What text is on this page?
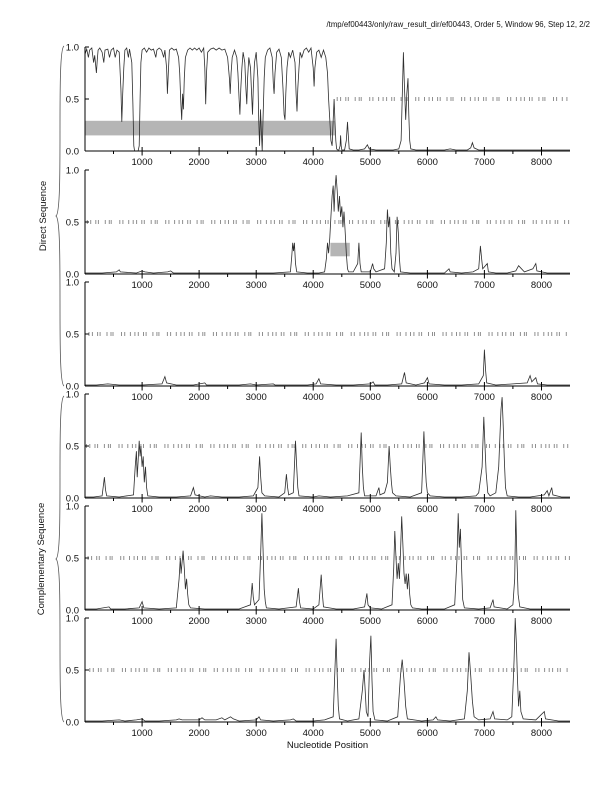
/tmp/ef00443/only/raw_result_dir/ef00443, Order 5, Window 96, Step 12, 2/2
0.0
0.5
1.0
1000	2000	3000	4000	5000	6000	7000	8000
0.0
0.5
1.0
1000	2000	3000	4000	5000	6000	7000	8000
0.0
0.5
1.0
1000	2000	3000	4000	5000	6000	7000	8000
0.0
0.5
1.0
1000	2000	3000	4000	5000	6000	7000	8000
0.0
0.5
1.0
1000	2000	3000	4000	5000	6000	7000	8000
0.0
0.5
1.0
1000	2000	3000	4000	5000	6000	7000	8000
Direct Sequence
Complementary Sequence
Nucleotide Position
